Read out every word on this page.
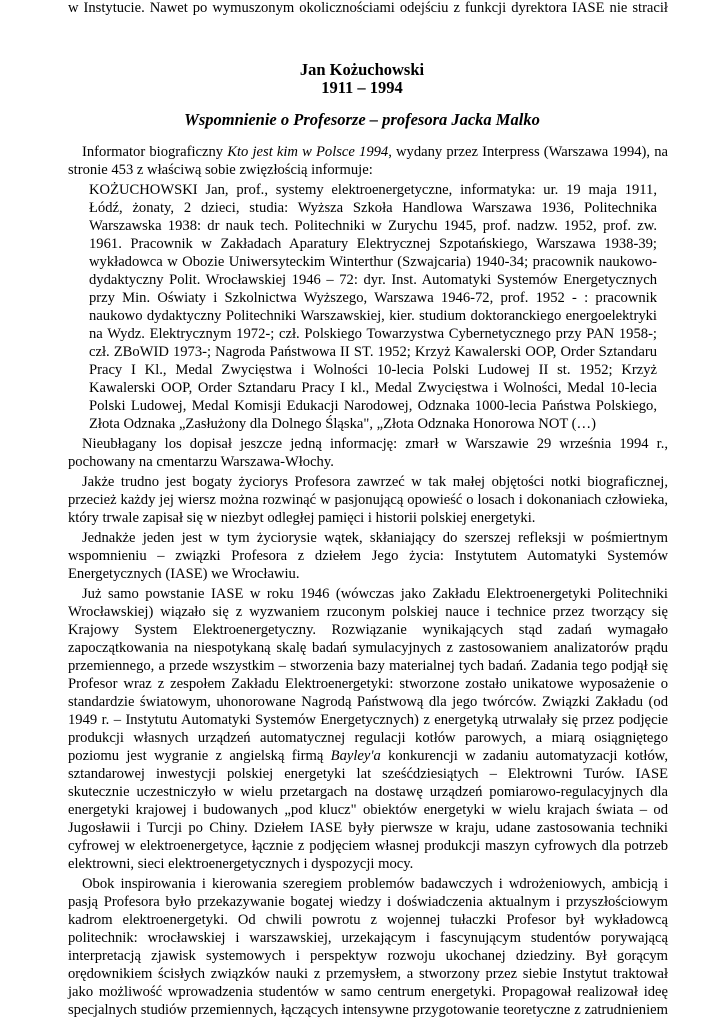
Jan Kożuchowski
1911 – 1994
Wspomnienie o Profesorze – profesora Jacka Malko
Informator biograficzny Kto jest kim w Polsce 1994, wydany przez Interpress (Warszawa 1994), na
stronie 453 z właściwą sobie zwięzłością informuje:
KOŻUCHOWSKI Jan, prof., systemy elektroenergetyczne, informatyka: ur. 19 maja 1911,
Łódź, żonaty, 2 dzieci, studia: Wyższa Szkoła Handlowa Warszawa 1936, Politechnika
Warszawska 1938: dr nauk tech. Politechniki w Zurychu 1945, prof. nadzw. 1952, prof. zw.
1961. Pracownik w Zakładach Aparatury Elektrycznej Szpotańskiego, Warszawa 1938-39;
wykładowca w Obozie Uniwersyteckim Winterthur (Szwajcaria) 1940-34; pracownik naukowo-
dydaktyczny Polit. Wrocławskiej 1946 – 72: dyr. Inst. Automatyki Systemów Energetycznych
przy Min. Oświaty i Szkolnictwa Wyższego, Warszawa 1946-72, prof. 1952 - : pracownik
naukowo dydaktyczny Politechniki Warszawskiej, kier. studium doktoranckiego energoelektryki
na Wydz. Elektrycznym 1972-; czł. Polskiego Towarzystwa Cybernetycznego przy PAN 1958-;
czł. ZBoWID 1973-; Nagroda Państwowa II ST. 1952; Krzyż Kawalerski OOP, Order Sztandaru
Pracy I Kl., Medal Zwycięstwa i Wolności 10-lecia Polski Ludowej II st. 1952; Krzyż
Kawalerski OOP, Order Sztandaru Pracy I kl., Medal Zwycięstwa i Wolności, Medal 10-lecia
Polski Ludowej, Medal Komisji Edukacji Narodowej, Odznaka 1000-lecia Państwa Polskiego,
Złota Odznaka „Zasłużony dla Dolnego Śląska", „Złota Odznaka Honorowa NOT (…)
Nieubłagany los dopisał jeszcze jedną informację: zmarł w Warszawie 29 września 1994 r.,
pochowany na cmentarzu Warszawa-Włochy.
Jakże trudno jest bogaty życiorys Profesora zawrzeć w tak małej objętości notki biograficznej,
przecież każdy jej wiersz można rozwinąć w pasjonującą opowieść o losach i dokonaniach człowieka,
który trwale zapisał się w niezbyt odległej pamięci i historii polskiej energetyki.
Jednakże jeden jest w tym życiorysie wątek, skłaniający do szerszej refleksji w pośmiertnym
wspomnieniu – związki Profesora z dziełem Jego życia: Instytutem Automatyki Systemów
Energetycznych (IASE) we Wrocławiu.
Już samo powstanie IASE w roku 1946 (wówczas jako Zakładu Elektroenergetyki Politechniki
Wrocławskiej) wiązało się z wyzwaniem rzuconym polskiej nauce i technice przez tworzący się
Krajowy System Elektroenergetyczny. Rozwiązanie wynikających stąd zadań wymagało
zapoczątkowania na niespotykaną skalę badań symulacyjnych z zastosowaniem analizatorów prądu
przemiennego, a przede wszystkim – stworzenia bazy materialnej tych badań. Zadania tego podjął się
Profesor wraz z zespołem Zakładu Elektroenergetyki: stworzone zostało unikatowe wyposażenie o
standardzie światowym, uhonorowane Nagrodą Państwową dla jego twórców. Związki Zakładu (od
1949 r. – Instytutu Automatyki Systemów Energetycznych) z energetyką utrwalały się przez podjęcie
produkcji własnych urządzeń automatycznej regulacji kotłów parowych, a miarą osiągniętego
poziomu jest wygranie z angielską firmą Bayley'a konkurencji w zadaniu automatyzacji kotłów,
sztandarowej inwestycji polskiej energetyki lat sześćdziesiątych – Elektrowni Turów. IASE
skutecznie uczestniczyło w wielu przetargach na dostawę urządzeń pomiarowo-regulacyjnych dla
energetyki krajowej i budowanych „pod klucz" obiektów energetyki w wielu krajach świata – od
Jugosławii i Turcji po Chiny. Dziełem IASE były pierwsze w kraju, udane zastosowania techniki
cyfrowej w elektroenergetyce, łącznie z podjęciem własnej produkcji maszyn cyfrowych dla potrzeb
elektrowni, sieci elektroenergetycznych i dyspozycji mocy.
Obok inspirowania i kierowania szeregiem problemów badawczych i wdrożeniowych, ambicją i
pasją Profesora było przekazywanie bogatej wiedzy i doświadczenia aktualnym i przyszłościowym
kadrom elektroenergetyki. Od chwili powrotu z wojennej tułaczki Profesor był wykładowcą
politechnik: wrocławskiej i warszawskiej, urzekającym i fascynującym studentów porywającą
interpretacją zjawisk systemowych i perspektyw rozwoju ukochanej dziedziny. Był gorącym
orędownikiem ścisłych związków nauki z przemysłem, a stworzony przez siebie Instytut traktował
jako możliwość wprowadzenia studentów w samo centrum energetyki. Propagował realizował ideę
specjalnych studiów przemiennych, łączących intensywne przygotowanie teoretyczne z zatrudnieniem
w Instytucie. Nawet po wymuszonym okolicznościami odejściu z funkcji dyrektora IASE nie stracił
